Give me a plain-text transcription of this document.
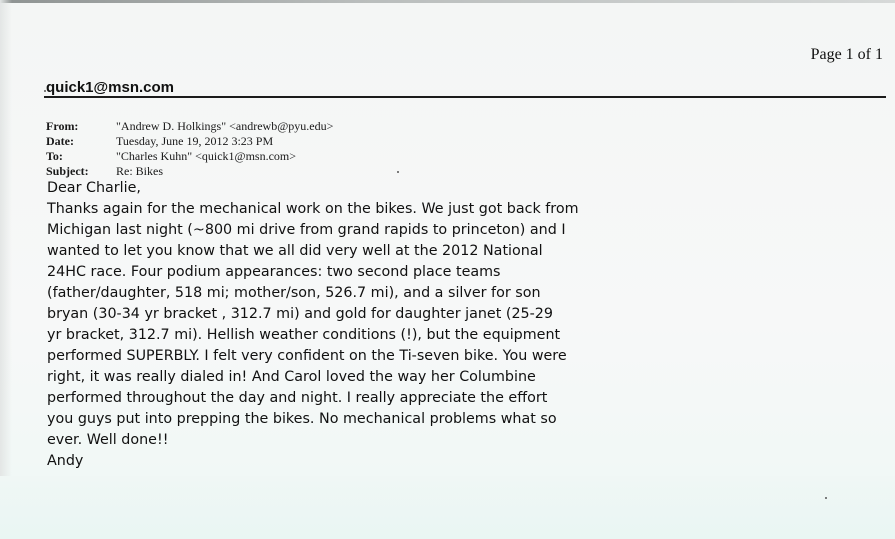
Page 1 of 1
quick1@msn.com
From:	"Andrew D. Holkings" <andrewb@pyu.edu>
Date:	Tuesday, June 19, 2012 3:23 PM
To:	"Charles Kuhn" <quick1@msn.com>
Subject:	Re: Bikes
Dear Charlie,
Thanks again for the mechanical work on the bikes. We just got back from
Michigan last night (~800 mi drive from grand rapids to princeton) and I
wanted to let you know that we all did very well at the 2012 National
24HC race. Four podium appearances: two second place teams
(father/daughter, 518 mi; mother/son, 526.7 mi), and a silver for son
bryan (30-34 yr bracket , 312.7 mi) and gold for daughter janet (25-29
yr bracket, 312.7 mi). Hellish weather conditions (!), but the equipment
performed SUPERBLY. I felt very confident on the Ti-seven bike. You were
right, it was really dialed in! And Carol loved the way her Columbine
performed throughout the day and night. I really appreciate the effort
you guys put into prepping the bikes. No mechanical problems what so
ever. Well done!!
Andy
